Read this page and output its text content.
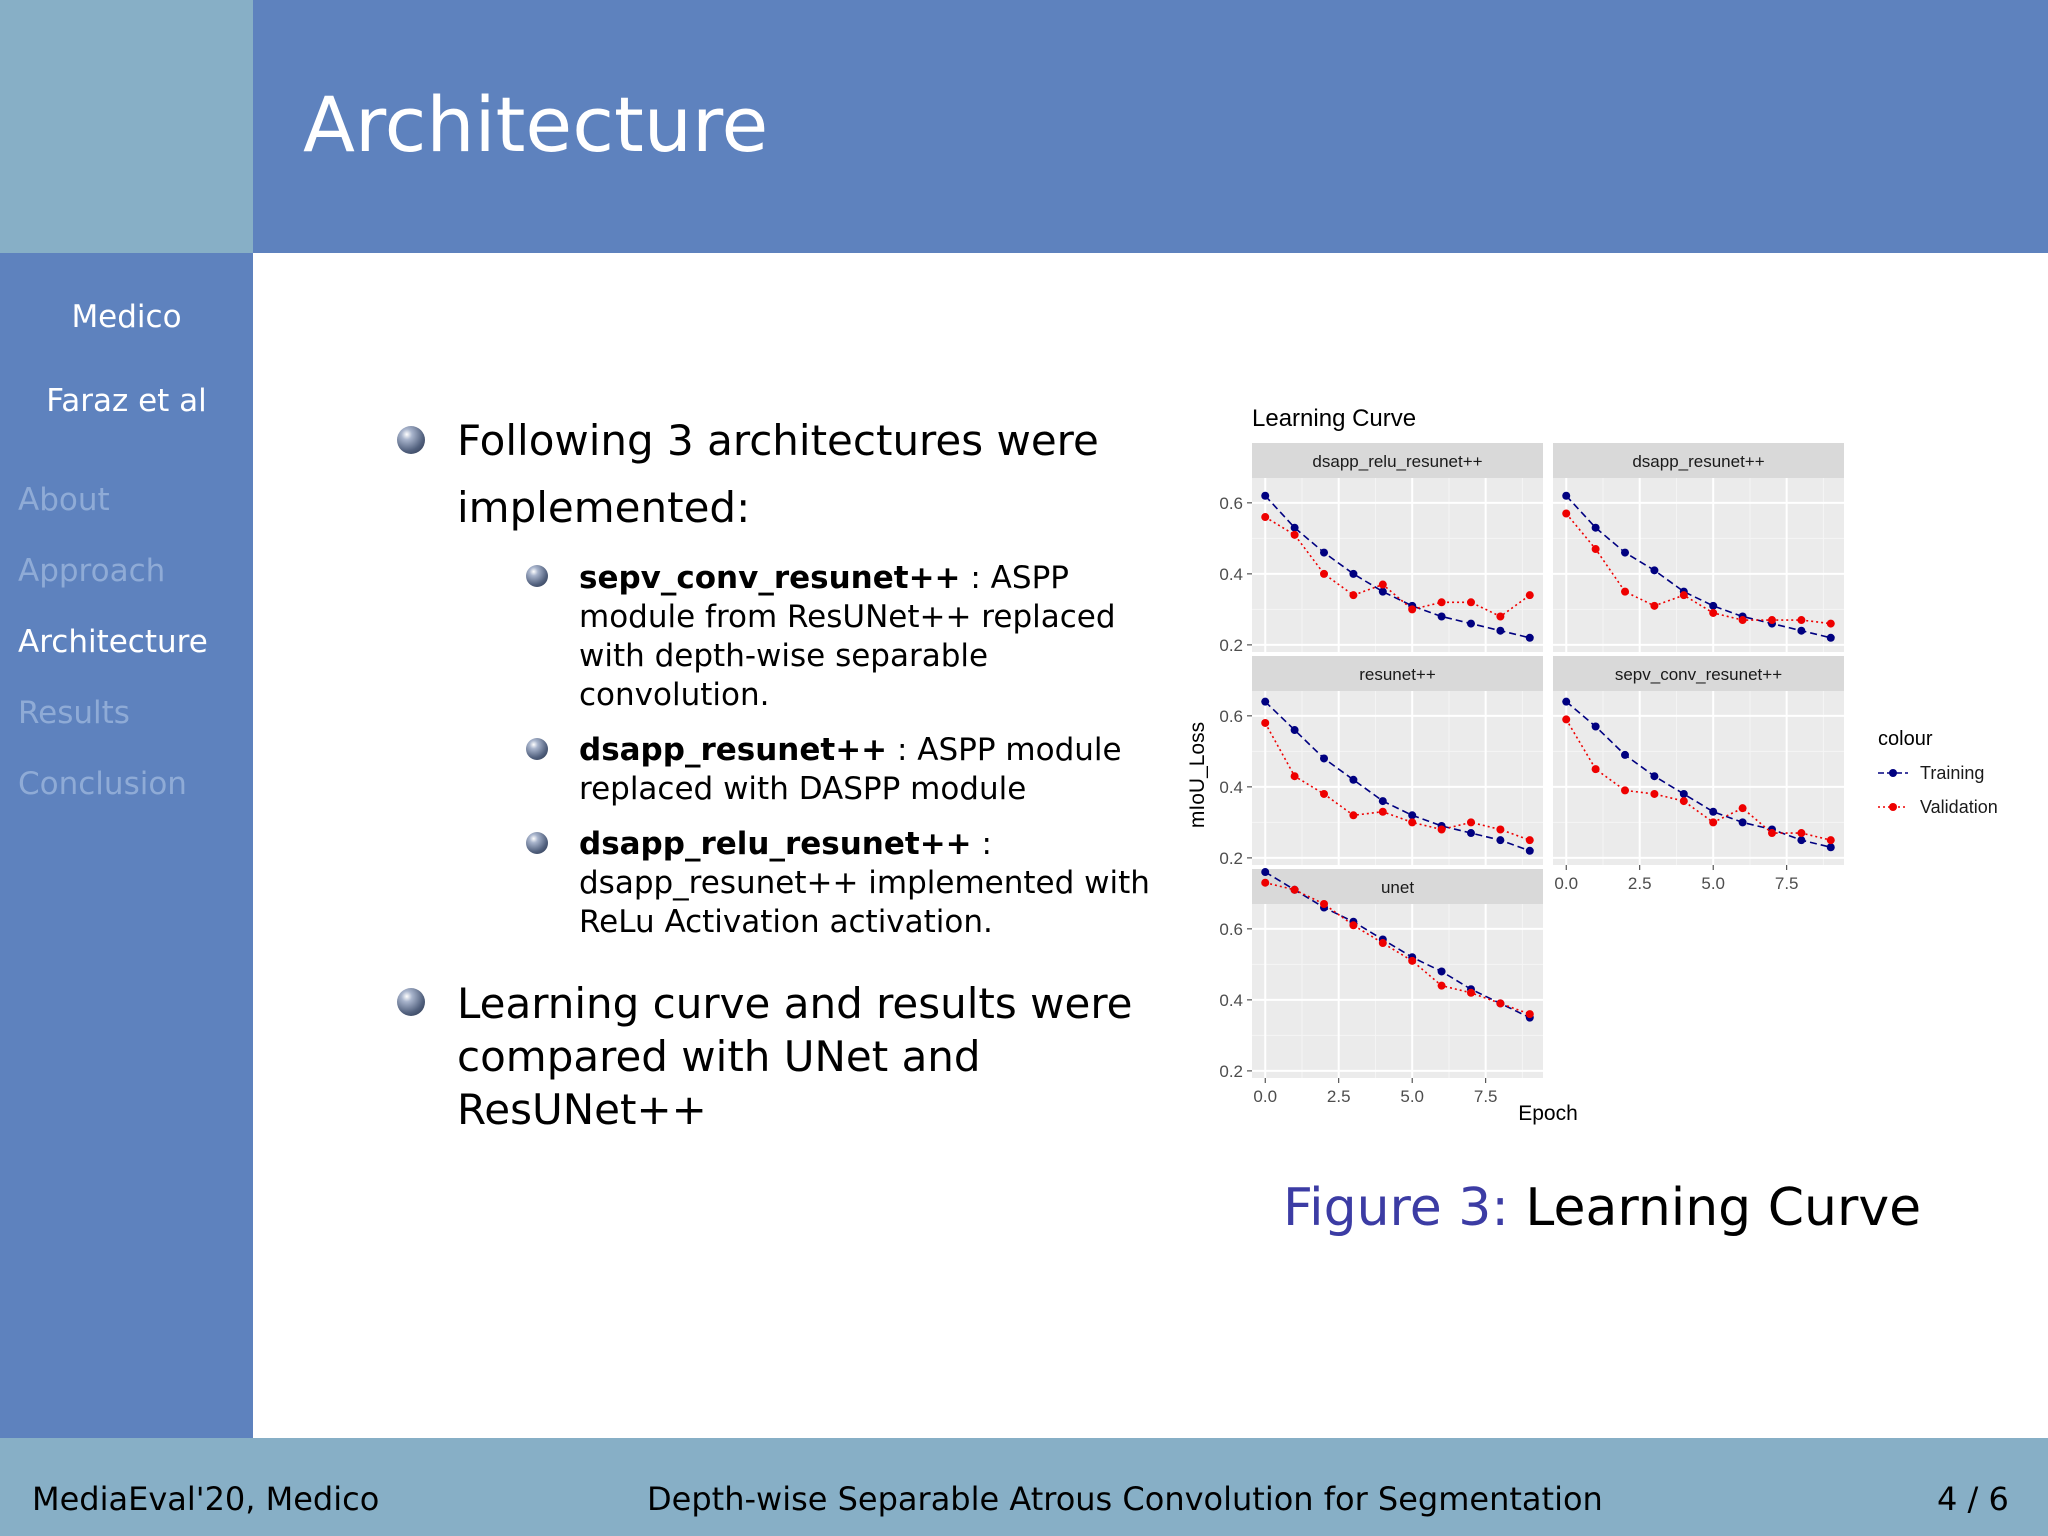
Architecture
Medico
Faraz et al
About
Approach
Architecture
Results
Conclusion
Following 3 architectures were
implemented:
sepv_conv_resunet++ : ASPP
module from ResUNet++ replaced
with depth-wise separable
convolution.
dsapp_resunet++ : ASPP module
replaced with DASPP module
dsapp_relu_resunet++ :
dsapp_resunet++ implemented with
ReLu Activation activation.
Learning curve and results were
compared with UNet and
ResUNet++
Learning Curve
dsapp_relu_resunet++
0.2
0.4
0.6
dsapp_resunet++
resunet++
0.2
0.4
0.6
sepv_conv_resunet++
0.0	2.5	5.0	7.5
unet
0.2
0.4
0.6
0.0	2.5	5.0	7.5
Epoch
mIoU_Loss	colour
Training
Validation
Figure 3: Learning Curve
MediaEval'20, Medico	Depth-wise Separable Atrous Convolution for Segmentation	4 / 6
